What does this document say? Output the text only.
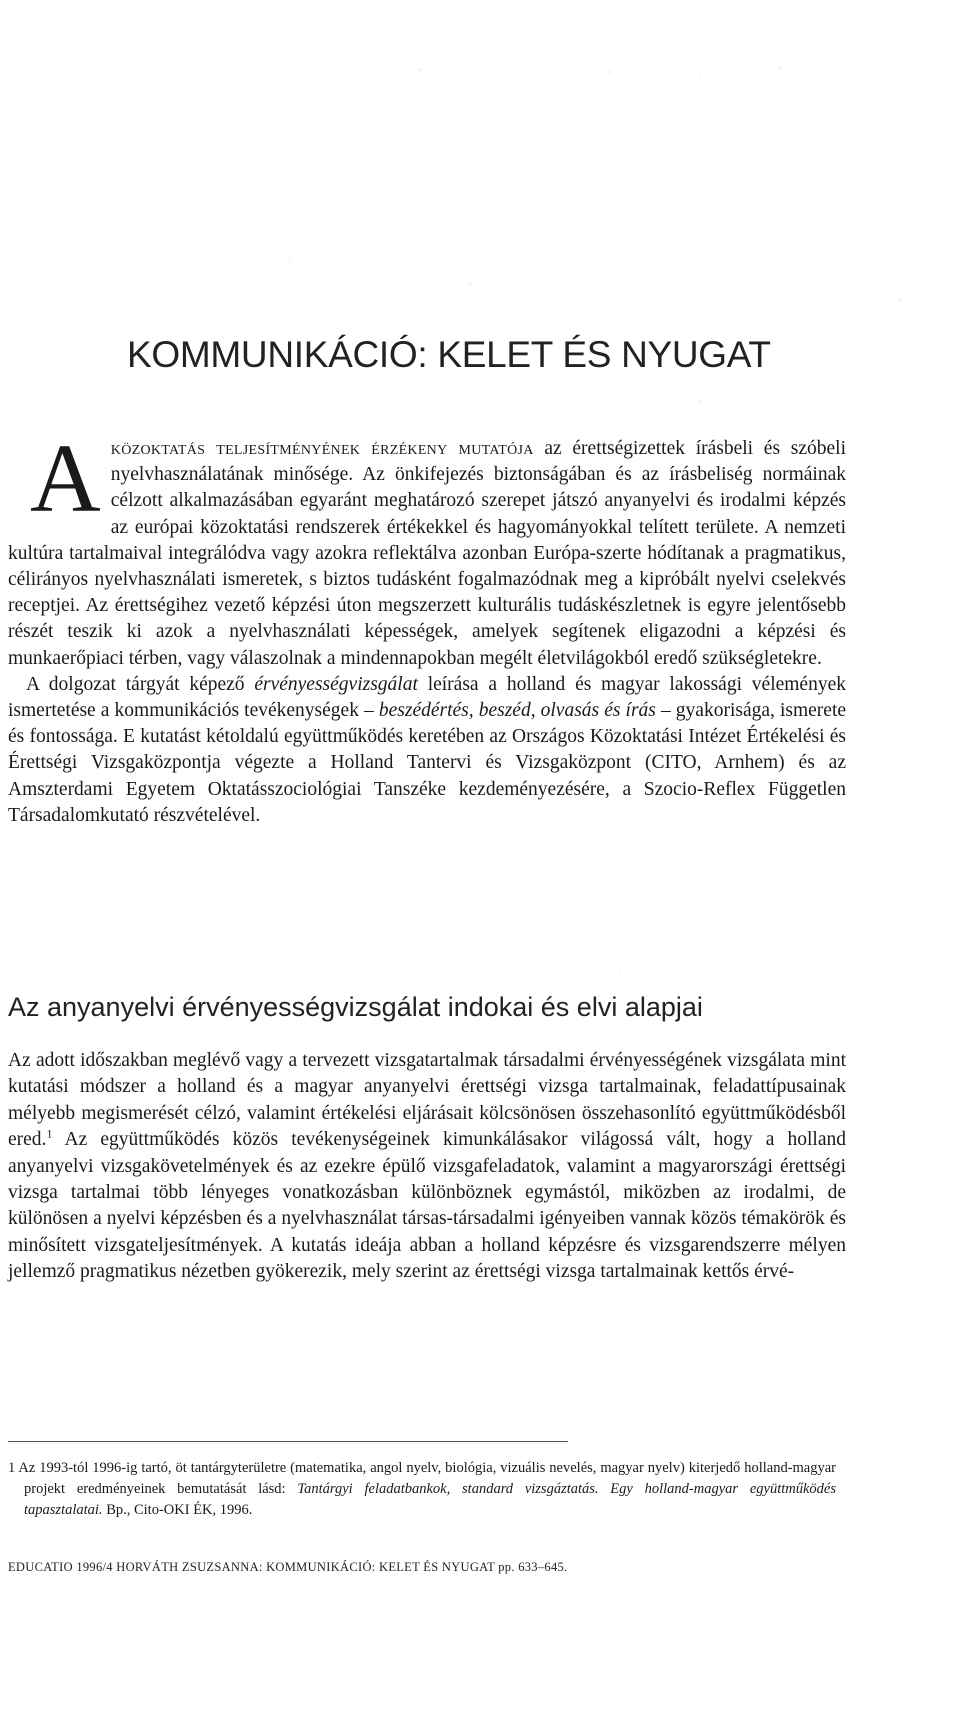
KOMMUNIKÁCIÓ: KELET ÉS NYUGAT

Aközoktatás teljesítményének érzékeny mutatója az érettségizettek írásbeli és szóbeli nyelvhasználatának minősége. Az önkifejezés biztonságában és az írásbeliség normáinak célzott alkalmazásában egyaránt meghatározó szerepet játszó anyanyelvi és irodalmi képzés az európai közoktatási rendszerek értékekkel és hagyományokkal telített területe. A nemzeti kultúra tartalmaival integrálódva vagy azokra reflektálva azonban Európa-szerte hódítanak a pragmatikus, célirányos nyelvhasználati ismeretek, s biztos tudásként fogalmazódnak meg a kipróbált nyelvi cselekvés receptjei. Az érettségihez vezető képzési úton megszerzett kulturális tudáskészletnek is egyre jelentősebb részét teszik ki azok a nyelvhasználati képességek, amelyek segítenek eligazodni a képzési és munkaerőpiaci térben, vagy válaszolnak a mindennapokban megélt életvilágokból eredő szükségletekre.

A dolgozat tárgyát képező érvényességvizsgálat leírása a holland és magyar lakossági vélemények ismertetése a kommunikációs tevékenységek – beszédértés, beszéd, olvasás és írás – gyakorisága, ismerete és fontossága. E kutatást kétoldalú együttműködés keretében az Országos Közoktatási Intézet Értékelési és Érettségi Vizsgaközpontja végezte a Holland Tantervi és Vizsgaközpont (CITO, Arnhem) és az Amszterdami Egyetem Oktatásszociológiai Tanszéke kezdeményezésére, a Szocio-Reflex Független Társadalomkutató részvételével.

Az anyanyelvi érvényességvizsgálat indokai és elvi alapjai

Az adott időszakban meglévő vagy a tervezett vizsgatartalmak társadalmi érvényességének vizsgálata mint kutatási módszer a holland és a magyar anyanyelvi érettségi vizsga tartalmainak, feladattípusainak mélyebb megismerését célzó, valamint értékelési eljárásait kölcsönösen összehasonlító együttműködésből ered.$^1$ Az együttműködés közös tevékenységeinek kimunkálásakor világossá vált, hogy a holland anyanyelvi vizsgakövetelmények és az ezekre épülő vizsgafeladatok, valamint a magyarországi érettségi vizsga tartalmai több lényeges vonatkozásban különböznek egymástól, miközben az irodalmi, de különösen a nyelvi képzésben és a nyelvhasználat társas-társadalmi igényeiben vannak közös témakörök és minősített vizsgateljesítmények. A kutatás ideája abban a holland képzésre és vizsgarendszerre mélyen jellemző pragmatikus nézetben gyökerezik, mely szerint az érettségi vizsga tartalmainak kettős érvé-

1 Az 1993-tól 1996-ig tartó, öt tantárgyterületre (matematika, angol nyelv, biológia, vizuális nevelés, magyar nyelv) kiterjedő holland-magyar projekt eredményeinek bemutatását lásd: Tantárgyi feladatbankok, standard vizsgáztatás. Egy holland-magyar együttműködés tapasztalatai. Bp., Cito-OKI ÉK, 1996.

EDUCATIO 1996/4 HORVÁTH ZSUZSANNA: KOMMUNIKÁCIÓ: KELET ÉS NYUGAT pp. 633–645.
